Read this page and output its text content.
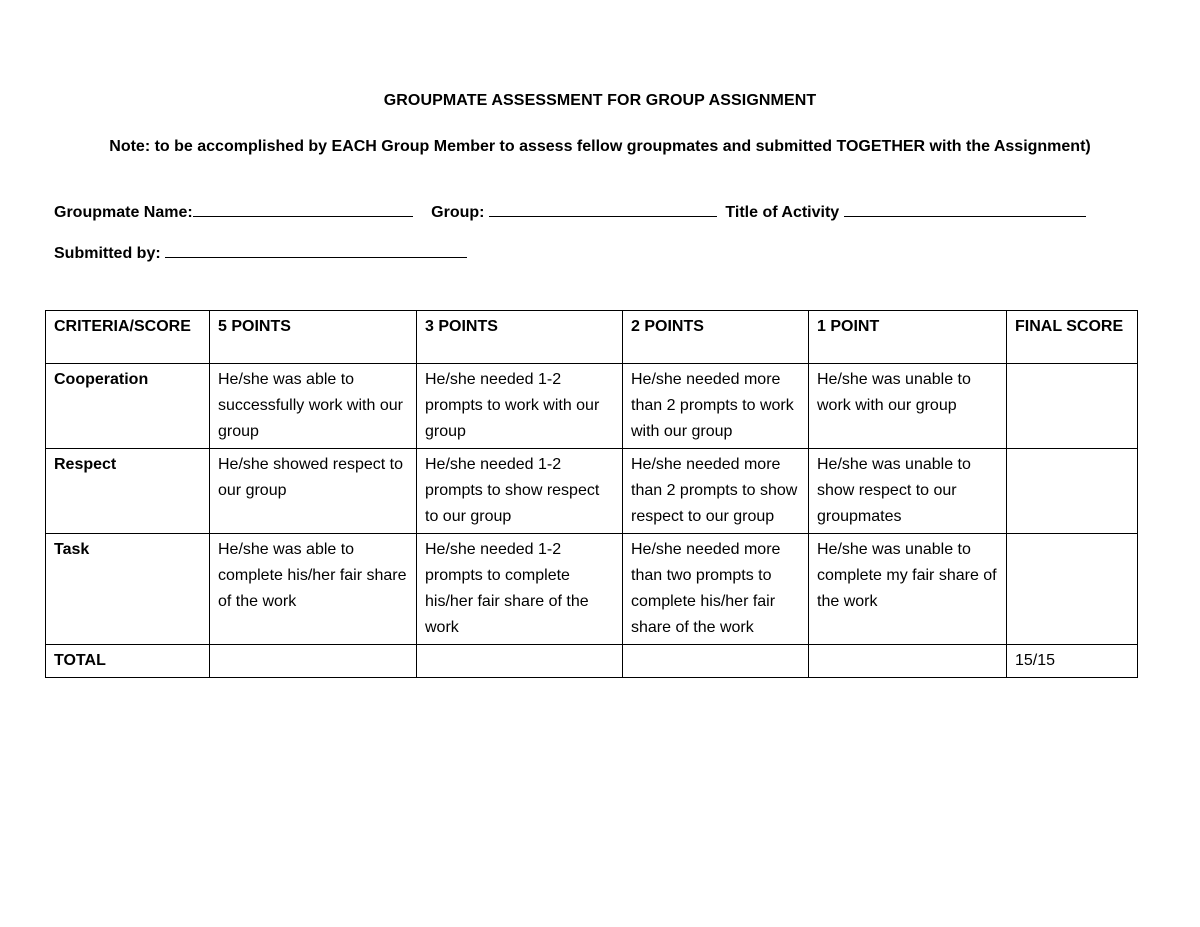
GROUPMATE ASSESSMENT FOR GROUP ASSIGNMENT
Note: to be accomplished by EACH Group Member to assess fellow groupmates and submitted TOGETHER with the Assignment)
Groupmate Name:	Group:	Title of Activity
Submitted by:
CRITERIA/SCORE	5 POINTS	3 POINTS	2 POINTS	1 POINT	FINAL SCORE
Cooperation	He/she was able to successfully work with our group	He/she needed 1-2 prompts to work with our group	He/she needed more than 2 prompts to work with our group	He/she was unable to work with our group	
Respect	He/she showed respect to our group	He/she needed 1-2 prompts to show respect to our group	He/she needed more than 2 prompts to show respect to our group	He/she was unable to show respect to our groupmates	
Task	He/she was able to complete his/her fair share of the work	He/she needed 1-2 prompts to complete his/her fair share of the work	He/she needed more than two prompts to complete his/her fair share of the work	He/she was unable to complete my fair share of the work	
TOTAL					15/15
